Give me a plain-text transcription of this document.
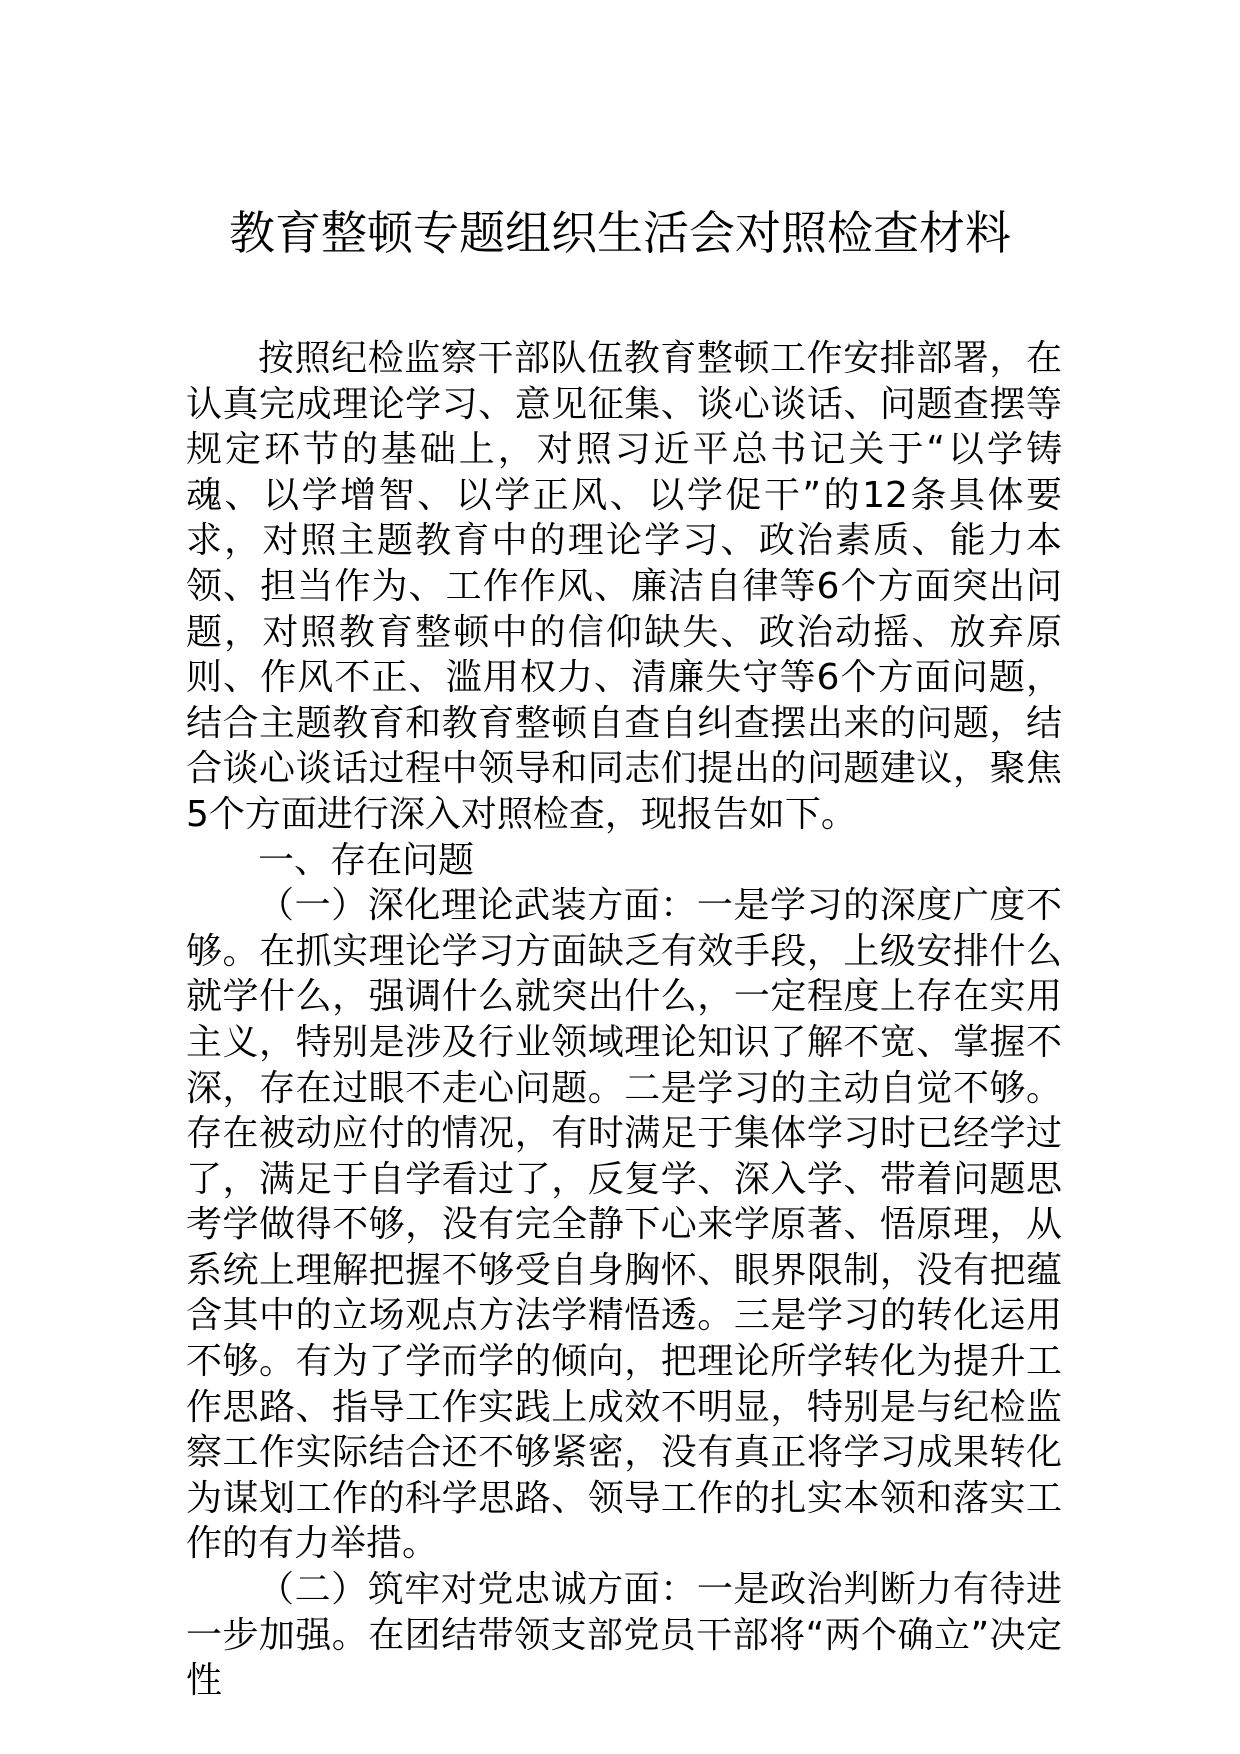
教育整顿专题组织生活会对照检查材料

按照纪检监察干部队伍教育整顿工作安排部署，在认真完成理论学习、意见征集、谈心谈话、问题查摆等规定环节的基础上，对照习近平总书记关于“以学铸魂、以学增智、以学正风、以学促干”的12条具体要求，对照主题教育中的理论学习、政治素质、能力本领、担当作为、工作作风、廉洁自律等6个方面突出问题，对照教育整顿中的信仰缺失、政治动摇、放弃原则、作风不正、滥用权力、清廉失守等6个方面问题，结合主题教育和教育整顿自查自纠查摆出来的问题，结合谈心谈话过程中领导和同志们提出的问题建议，聚焦5个方面进行深入对照检查，现报告如下。

一、存在问题

（一）深化理论武装方面：一是学习的深度广度不够。在抓实理论学习方面缺乏有效手段，上级安排什么就学什么，强调什么就突出什么，一定程度上存在实用主义，特别是涉及行业领域理论知识了解不宽、掌握不深，存在过眼不走心问题。二是学习的主动自觉不够。存在被动应付的情况，有时满足于集体学习时已经学过了，满足于自学看过了，反复学、深入学、带着问题思考学做得不够，没有完全静下心来学原著、悟原理，从系统上理解把握不够受自身胸怀、眼界限制，没有把蕴含其中的立场观点方法学精悟透。三是学习的转化运用不够。有为了学而学的倾向，把理论所学转化为提升工作思路、指导工作实践上成效不明显，特别是与纪检监察工作实际结合还不够紧密，没有真正将学习成果转化为谋划工作的科学思路、领导工作的扎实本领和落实工作的有力举措。

（二）筑牢对党忠诚方面：一是政治判断力有待进一步加强。在团结带领支部党员干部将“两个确立”决定性
